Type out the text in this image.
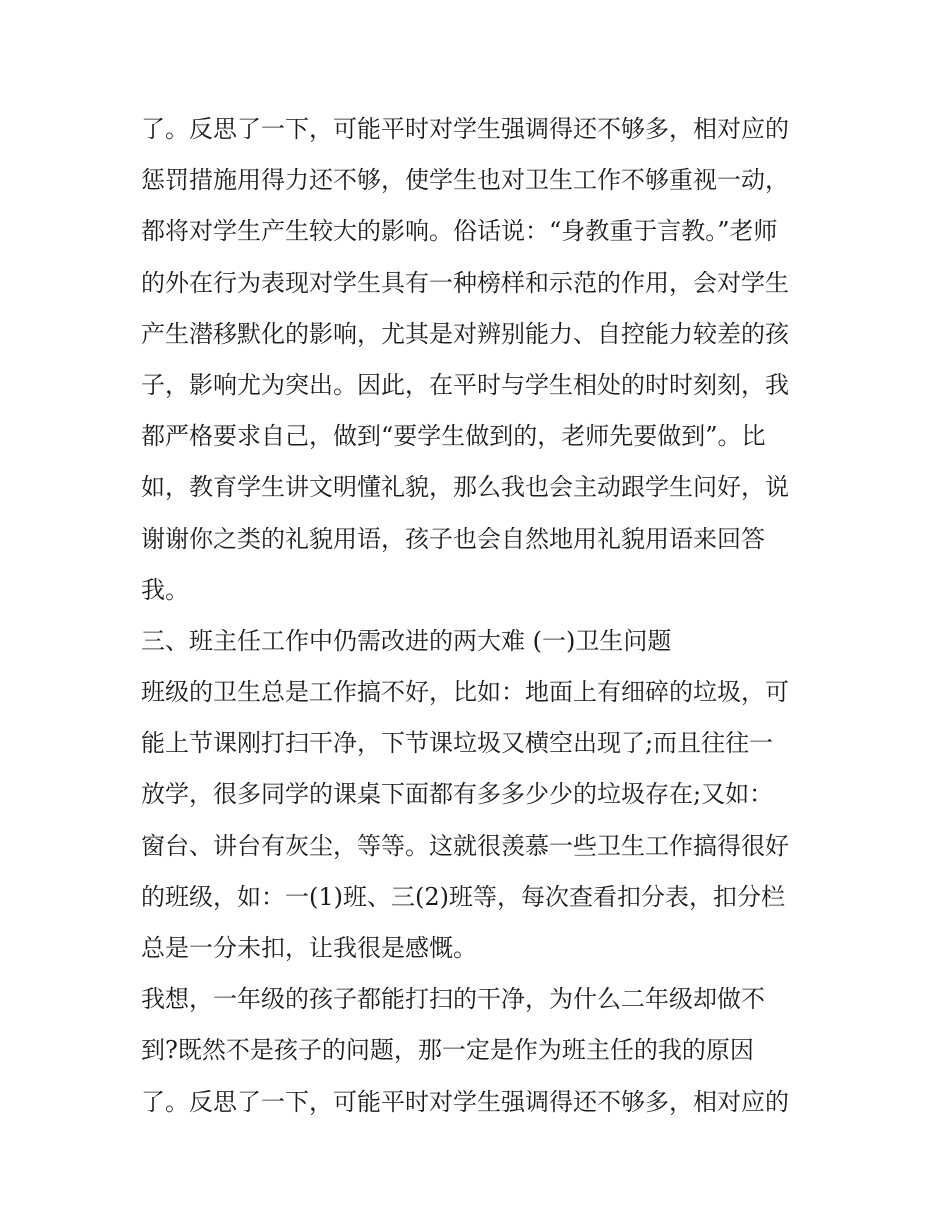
了。反思了一下，可能平时对学生强调得还不够多，相对应的
惩罚措施用得力还不够，使学生也对卫生工作不够重视一动，
都将对学生产生较大的影响。俗话说：“身教重于言教。”老师
的外在行为表现对学生具有一种榜样和示范的作用，会对学生
产生潜移默化的影响，尤其是对辨别能力、自控能力较差的孩
子，影响尤为突出。因此，在平时与学生相处的时时刻刻，我
都严格要求自己，做到“要学生做到的，老师先要做到”。比
如，教育学生讲文明懂礼貌，那么我也会主动跟学生问好，说
谢谢你之类的礼貌用语，孩子也会自然地用礼貌用语来回答
我。
三、班主任工作中仍需改进的两大难 (一)卫生问题
班级的卫生总是工作搞不好，比如：地面上有细碎的垃圾，可
能上节课刚打扫干净，下节课垃圾又横空出现了;而且往往一
放学，很多同学的课桌下面都有多多少少的垃圾存在;又如：
窗台、讲台有灰尘，等等。这就很羡慕一些卫生工作搞得很好
的班级，如：一(1)班、三(2)班等，每次查看扣分表，扣分栏
总是一分未扣，让我很是感慨。
我想，一年级的孩子都能打扫的干净，为什么二年级却做不
到?既然不是孩子的问题，那一定是作为班主任的我的原因
了。反思了一下，可能平时对学生强调得还不够多，相对应的
